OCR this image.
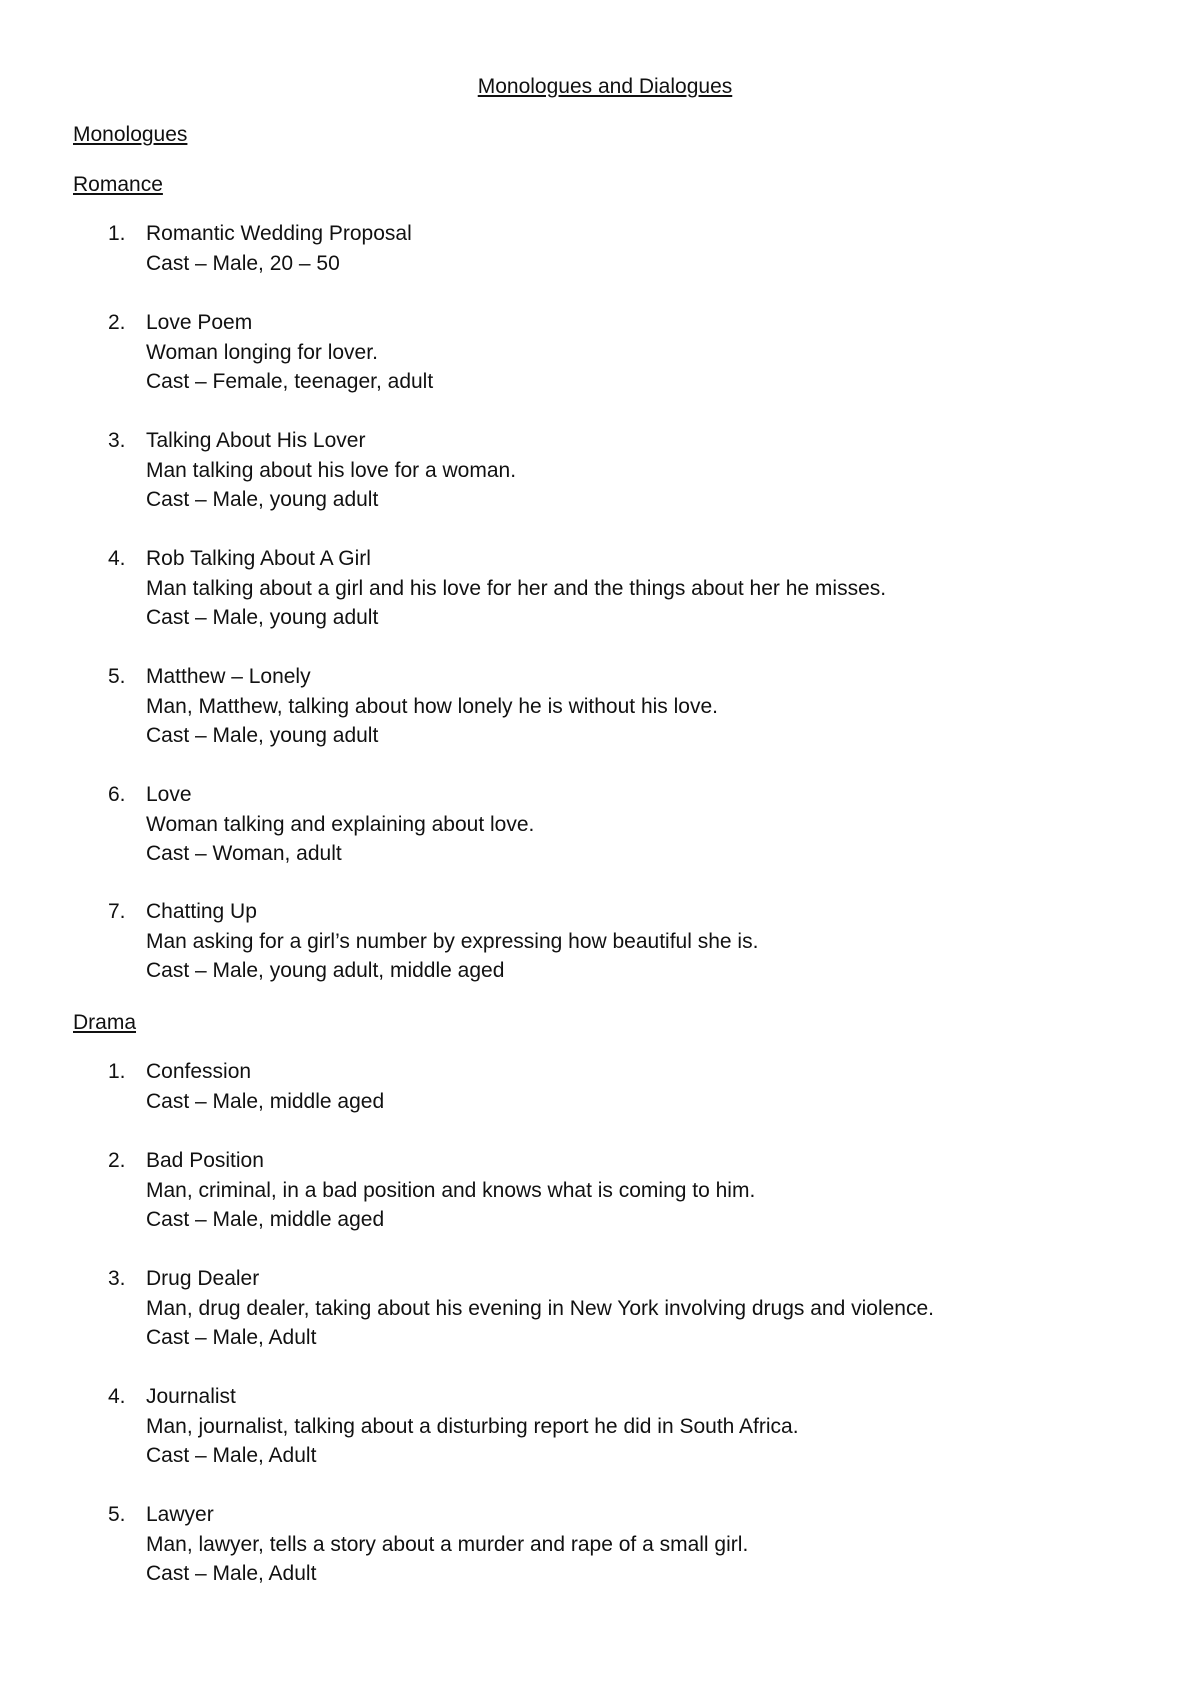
Monologues and Dialogues
Monologues
Romance
1. Romantic Wedding Proposal
Cast – Male, 20 – 50
2. Love Poem
Woman longing for lover.
Cast – Female, teenager, adult
3. Talking About His Lover
Man talking about his love for a woman.
Cast – Male, young adult
4. Rob Talking About A Girl
Man talking about a girl and his love for her and the things about her he misses.
Cast – Male, young adult
5. Matthew – Lonely
Man, Matthew, talking about how lonely he is without his love.
Cast – Male, young adult
6. Love
Woman talking and explaining about love.
Cast – Woman, adult
7. Chatting Up
Man asking for a girl’s number by expressing how beautiful she is.
Cast – Male, young adult, middle aged
Drama
1. Confession
Cast – Male, middle aged
2. Bad Position
Man, criminal, in a bad position and knows what is coming to him.
Cast – Male, middle aged
3. Drug Dealer
Man, drug dealer, taking about his evening in New York involving drugs and violence.
Cast – Male, Adult
4. Journalist
Man, journalist, talking about a disturbing report he did in South Africa.
Cast – Male, Adult
5. Lawyer
Man, lawyer, tells a story about a murder and rape of a small girl.
Cast – Male, Adult
